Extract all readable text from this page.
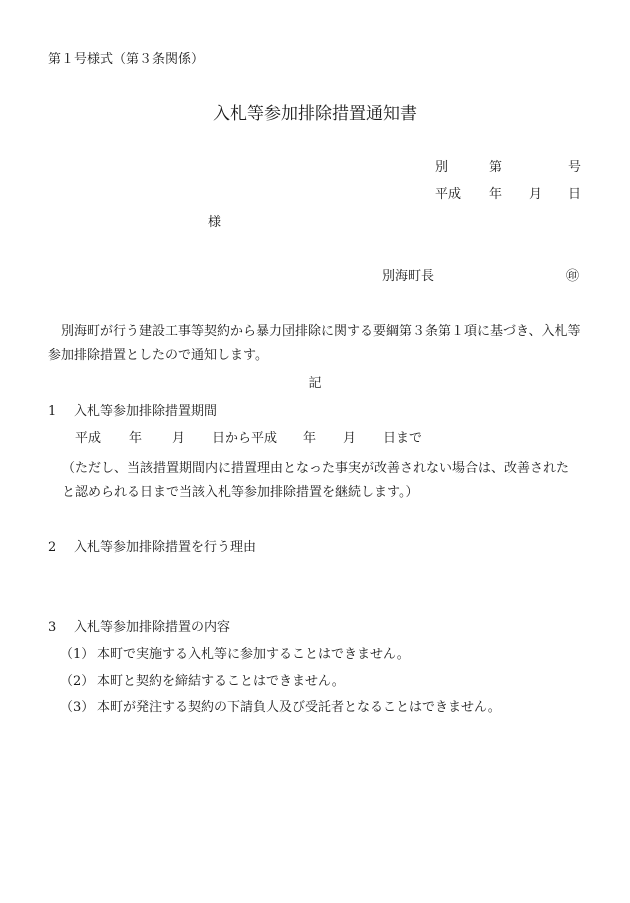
第１号様式（第３条関係）
入札等参加排除措置通知書
別	第	号
平成 年 月 日
様
別海町長	㊞
別海町が行う建設工事等契約から暴力団排除に関する要綱第３条第１項に基づき、入札等参加排除措置としたので通知します。
記
1 入札等参加排除措置期間
平成 年 月 日から平成 年 月 日まで
（ただし、当該措置期間内に措置理由となった事実が改善されない場合は、改善された
と認められる日まで当該入札等参加排除措置を継続します。）
2 入札等参加排除措置を行う理由
3 入札等参加排除措置の内容
（1） 本町で実施する入札等に参加することはできません。
（2） 本町と契約を締結することはできません。
（3） 本町が発注する契約の下請負人及び受託者となることはできません。
